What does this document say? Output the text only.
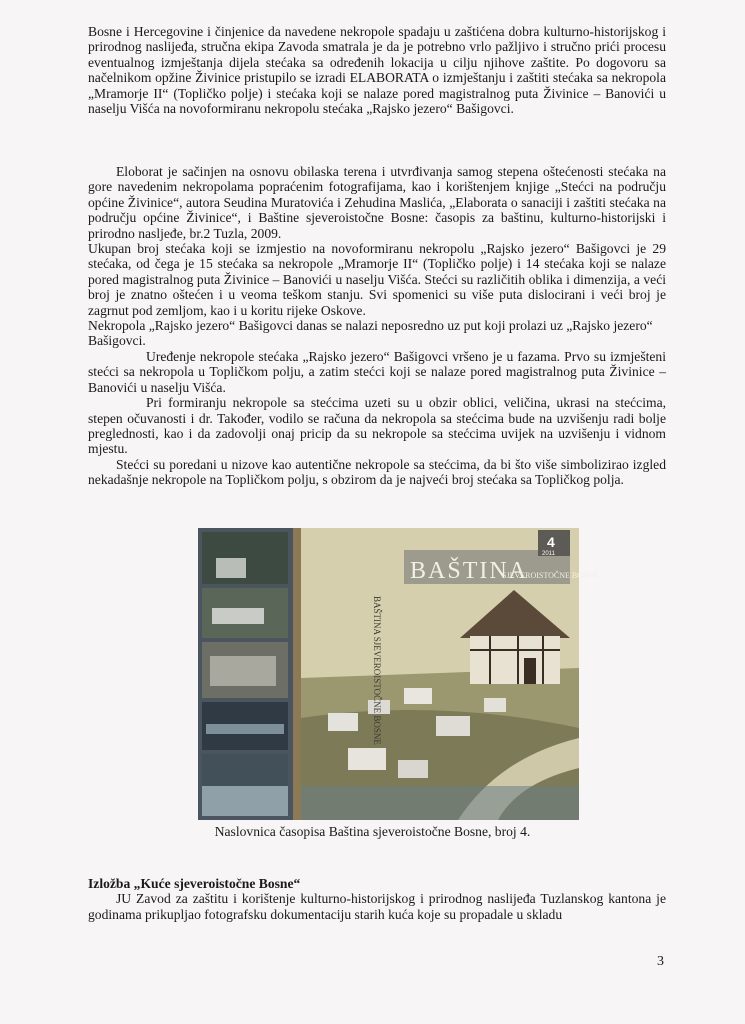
Bosne i Hercegovine i činjenice da navedene nekropole spadaju u zaštićena dobra kulturno-historijskog i prirodnog naslijeđa, stručna ekipa Zavoda smatrala je da je potrebno vrlo pažljivo i stručno prići procesu eventualnog izmještanja dijela stećaka sa određenih lokacija u cilju njihove zaštite. Po dogovoru sa načelnikom opžine Živinice pristupilo se izradi ELABORATA o izmještanju i zaštiti stećaka sa nekropola „Mramorje II“ (Topličko polje) i stećaka koji se nalaze pored magistralnog puta Živinice – Banovići u naselju Višća na novoformiranu nekropolu stećaka „Rajsko jezero“ Bašigovci.

Eloborat je sačinjen na osnovu obilaska terena i utvrđivanja samog stepena oštećenosti stećaka na gore navedenim nekropolama popraćenim fotografijama, kao i korištenjem knjige „Stećci na području općine Živinice“, autora Seudina Muratovića i Zehudina Maslića, „Elaborata o sanaciji i zaštiti stećaka na području općine Živinice“, i Baštine sjeveroistočne Bosne: časopis za baštinu, kulturno-historijski i prirodno nasljeđe, br.2 Tuzla, 2009.

Ukupan broj stećaka koji se izmjestio na novoformiranu nekropolu „Rajsko jezero“ Bašigovci je 29 stećaka, od čega je 15 stećaka sa nekropole „Mramorje II“ (Topličko polje) i 14 stećaka koji se nalaze pored magistralnog puta Živinice – Banovići u naselju Višća. Stećci su različitih oblika i dimenzija, a veći broj je znatno oštećen i u veoma teškom stanju. Svi spomenici su više puta dislocirani i veći broj je zagrnut pod zemljom, kao i u koritu rijeke Oskove.

Nekropola „Rajsko jezero“ Bašigovci danas se nalazi neposredno uz put koji prolazi uz „Rajsko jezero“ Bašigovci.

Uređenje nekropole stećaka „Rajsko jezero“ Bašigovci vršeno je u fazama. Prvo su izmješteni stećci sa nekropola u Topličkom polju, a zatim stećci koji se nalaze pored magistralnog puta Živinice – Banovići u naselju Višća.

Pri formiranju nekropole sa stećcima uzeti su u obzir oblici, veličina, ukrasi na stećcima, stepen očuvanosti i dr. Također, vodilo se računa da nekropola sa stećcima bude na uzvišenju radi bolje preglednosti, kao i da zadovolji onaj pricip da su nekropole sa stećcima uvijek na uzvišenju i vidnom mjestu.

Stećci su poredani u nizove kao autentične nekropole sa stećcima, da bi što više simbolizirao izgled nekadašnje nekropole na Topličkom polju, s obzirom da je najveći broj stećaka sa Topličkog polja.

BAŠTINA
SJEVEROISTOČNE BOSNE
4
2011
BAŠTINA SJEVEROISTOČNE BOSNE
Naslovnica časopisa Baština sjeveroistočne Bosne, broj 4.

Izložba „Kuće sjeveroistočne Bosne“

JU Zavod za zaštitu i korištenje kulturno-historijskog i prirodnog naslijeđa Tuzlanskog kantona je godinama prikupljao fotografsku dokumentaciju starih kuća koje su propadale u skladu

3
